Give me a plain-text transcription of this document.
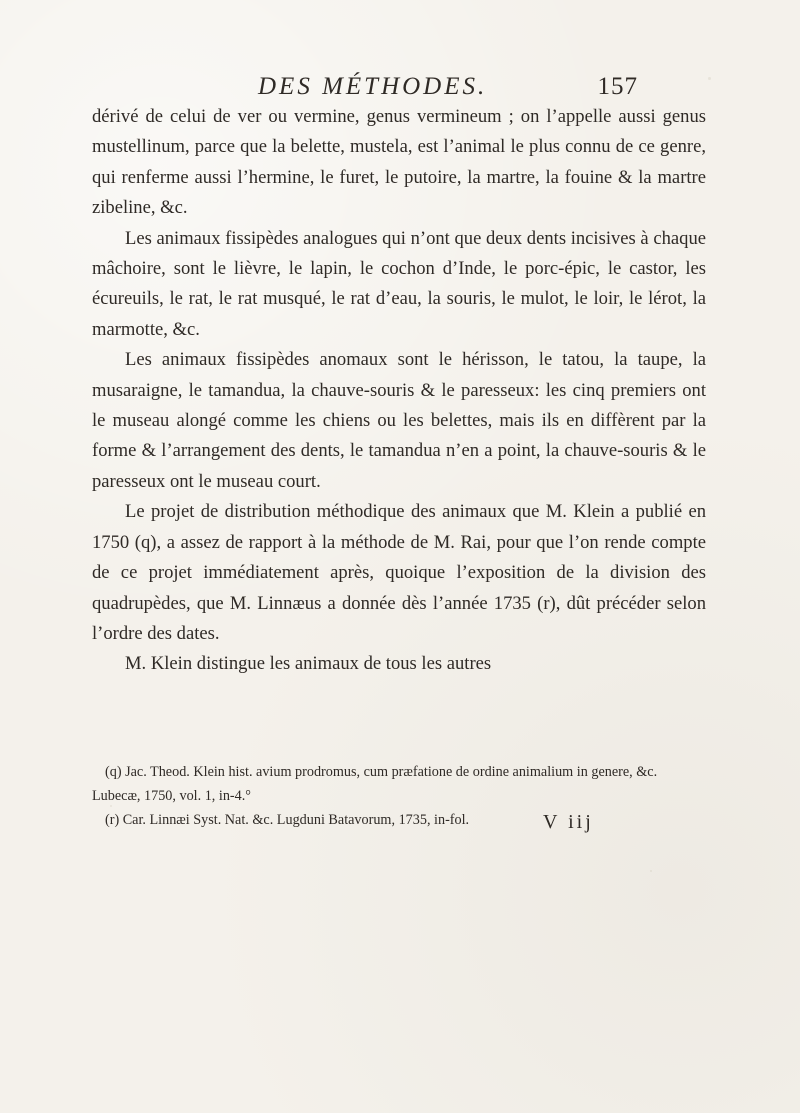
DES MÉTHODES.	157

dérivé de celui de ver ou vermine, genus vermineum ; on l’appelle aussi genus mustellinum, parce que la belette, mustela, est l’animal le plus connu de ce genre, qui renferme aussi l’hermine, le furet, le putoire, la martre, la fouine & la martre zibeline, &c.

Les animaux fissipèdes analogues qui n’ont que deux dents incisives à chaque mâchoire, sont le lièvre, le lapin, le cochon d’Inde, le porc-épic, le castor, les écureuils, le rat, le rat musqué, le rat d’eau, la souris, le mulot, le loir, le lérot, la marmotte, &c.

Les animaux fissipèdes anomaux sont le hérisson, le tatou, la taupe, la musaraigne, le tamandua, la chauve-souris & le paresseux: les cinq premiers ont le museau alongé comme les chiens ou les belettes, mais ils en diffèrent par la forme & l’arrangement des dents, le tamandua n’en a point, la chauve-souris & le paresseux ont le museau court.

Le projet de distribution méthodique des animaux que M. Klein a publié en 1750 (q), a assez de rapport à la méthode de M. Rai, pour que l’on rende compte de ce projet immédiatement après, quoique l’exposition de la division des quadrupèdes, que M. Linnæus a donnée dès l’année 1735 (r), dût précéder selon l’ordre des dates.

M. Klein distingue les animaux de tous les autres

(q) Jac. Theod. Klein hist. avium prodromus, cum præfatione de ordine animalium in genere, &c. Lubecæ, 1750, vol. 1, in-4.°

(r) Car. Linnæi Syst. Nat. &c. Lugduni Batavorum, 1735, in-fol.	V iij
